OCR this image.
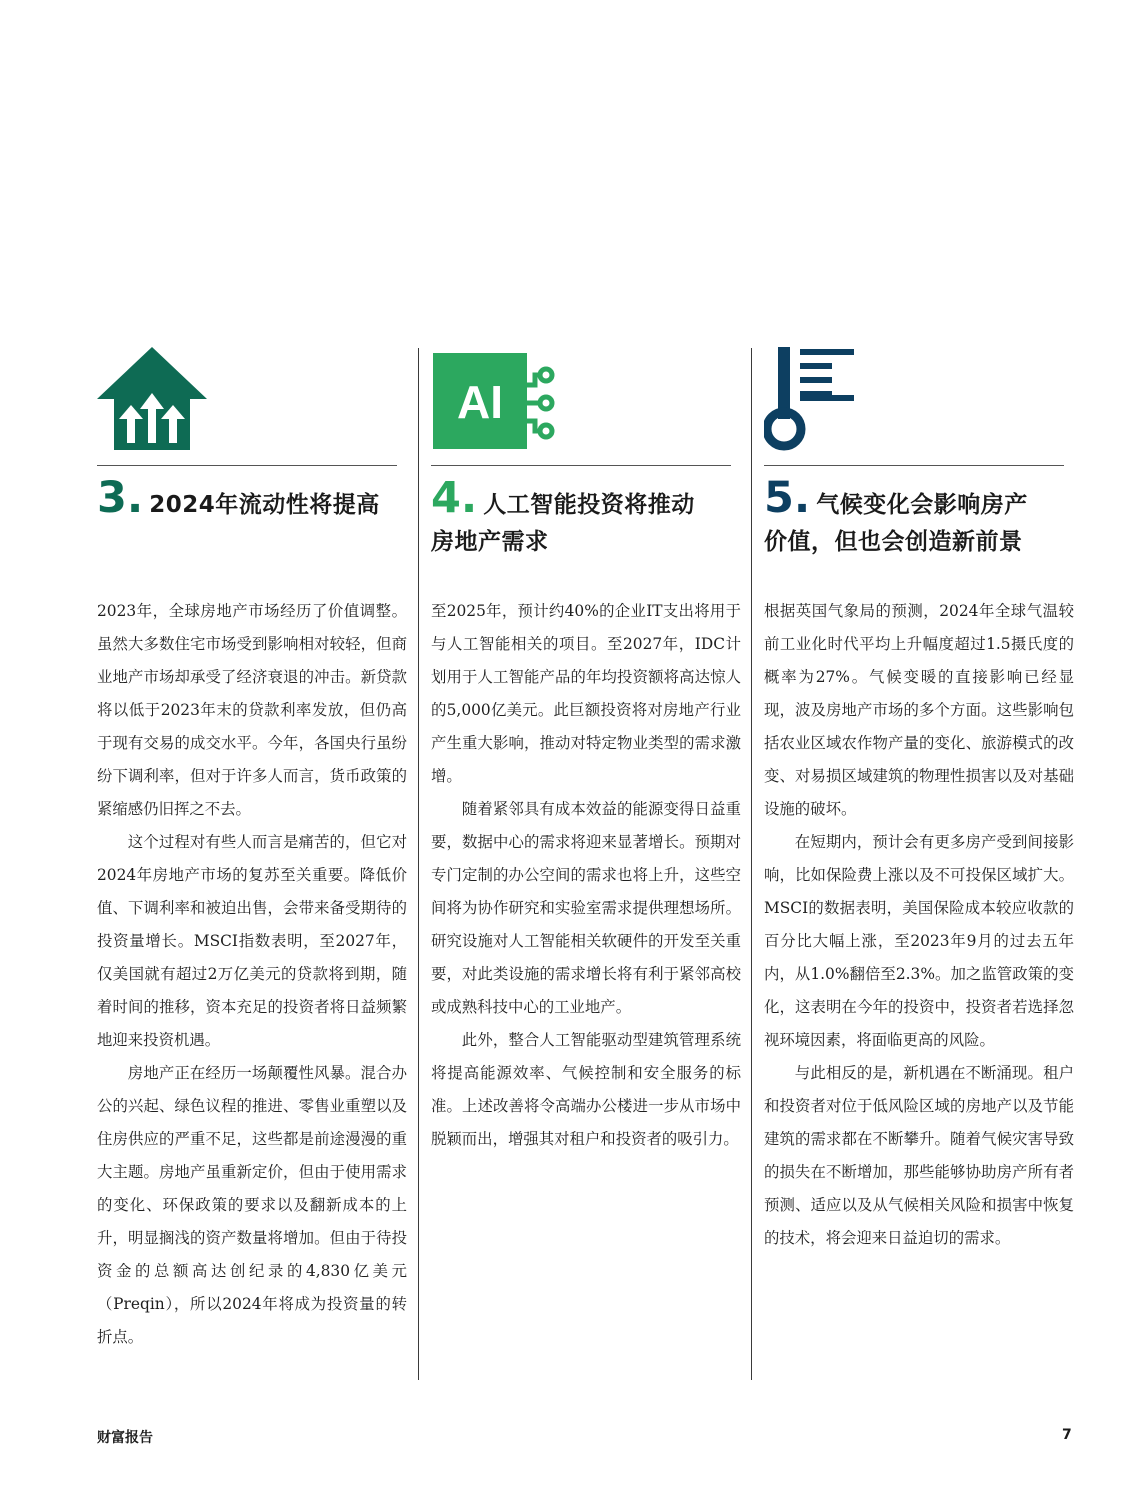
3. 2024年流动性将提高

2023年，全球房地产市场经历了价值调整。虽然大多数住宅市场受到影响相对较轻，但商业地产市场却承受了经济衰退的冲击。新贷款将以低于2023年末的贷款利率发放，但仍高于现有交易的成交水平。今年，各国央行虽纷纷下调利率，但对于许多人而言，货币政策的紧缩感仍旧挥之不去。

这个过程对有些人而言是痛苦的，但它对2024年房地产市场的复苏至关重要。降低价值、下调利率和被迫出售，会带来备受期待的投资量增长。MSCI指数表明，至2027年，仅美国就有超过2万亿美元的贷款将到期，随着时间的推移，资本充足的投资者将日益频繁地迎来投资机遇。

房地产正在经历一场颠覆性风暴。混合办公的兴起、绿色议程的推进、零售业重塑以及住房供应的严重不足，这些都是前途漫漫的重大主题。房地产虽重新定价，但由于使用需求的变化、环保政策的要求以及翻新成本的上升，明显搁浅的资产数量将增加。但由于待投资金的总额高达创纪录的4,830亿美元（Preqin），所以2024年将成为投资量的转折点。

AI
4. 人工智能投资将推动
房地产需求

至2025年，预计约40%的企业IT支出将用于与人工智能相关的项目。至2027年，IDC计划用于人工智能产品的年均投资额将高达惊人的5,000亿美元。此巨额投资将对房地产行业产生重大影响，推动对特定物业类型的需求激增。

随着紧邻具有成本效益的能源变得日益重要，数据中心的需求将迎来显著增长。预期对专门定制的办公空间的需求也将上升，这些空间将为协作研究和实验室需求提供理想场所。研究设施对人工智能相关软硬件的开发至关重要，对此类设施的需求增长将有利于紧邻高校或成熟科技中心的工业地产。

此外，整合人工智能驱动型建筑管理系统将提高能源效率、气候控制和安全服务的标准。上述改善将令高端办公楼进一步从市场中脱颖而出，增强其对租户和投资者的吸引力。

5. 气候变化会影响房产
价值，但也会创造新前景

根据英国气象局的预测，2024年全球气温较前工业化时代平均上升幅度超过1.5摄氏度的概率为27%。气候变暖的直接影响已经显现，波及房地产市场的多个方面。这些影响包括农业区域农作物产量的变化、旅游模式的改变、对易损区域建筑的物理性损害以及对基础设施的破坏。

在短期内，预计会有更多房产受到间接影响，比如保险费上涨以及不可投保区域扩大。MSCI的数据表明，美国保险成本较应收款的百分比大幅上涨，至2023年9月的过去五年内，从1.0%翻倍至2.3%。加之监管政策的变化，这表明在今年的投资中，投资者若选择忽视环境因素，将面临更高的风险。

与此相反的是，新机遇在不断涌现。租户和投资者对位于低风险区域的房地产以及节能建筑的需求都在不断攀升。随着气候灾害导致的损失在不断增加，那些能够协助房产所有者预测、适应以及从气候相关风险和损害中恢复的技术，将会迎来日益迫切的需求。

财富报告	7
